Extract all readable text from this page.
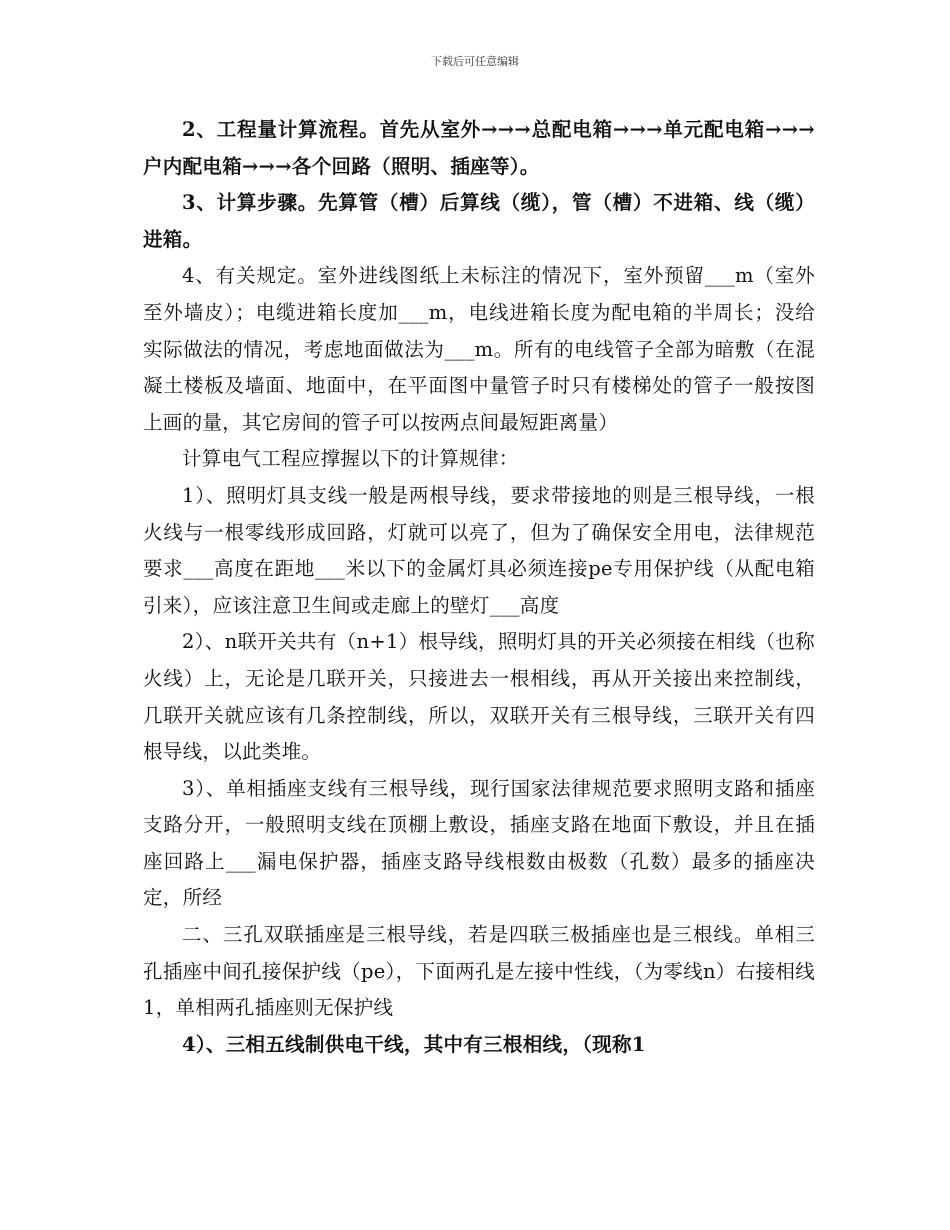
下载后可任意编辑

2、工程量计算流程。首先从室外→→→总配电箱→→→单元配电箱→→→户内配电箱→→→各个回路（照明、插座等）。

3、计算步骤。先算管（槽）后算线（缆），管（槽）不进箱、线（缆）进箱。

4、有关规定。室外进线图纸上未标注的情况下，室外预留___m（室外至外墙皮）；电缆进箱长度加___m，电线进箱长度为配电箱的半周长；没给实际做法的情况，考虑地面做法为___m。所有的电线管子全部为暗敷（在混凝土楼板及墙面、地面中，在平面图中量管子时只有楼梯处的管子一般按图上画的量，其它房间的管子可以按两点间最短距离量）

计算电气工程应撑握以下的计算规律：

1）、照明灯具支线一般是两根导线，要求带接地的则是三根导线，一根火线与一根零线形成回路，灯就可以亮了，但为了确保安全用电，法律规范要求___高度在距地___米以下的金属灯具必须连接pe专用保护线（从配电箱引来），应该注意卫生间或走廊上的壁灯___高度

2）、n联开关共有（n+1）根导线，照明灯具的开关必须接在相线（也称火线）上，无论是几联开关，只接进去一根相线，再从开关接出来控制线，几联开关就应该有几条控制线，所以，双联开关有三根导线，三联开关有四根导线，以此类堆。

3）、单相插座支线有三根导线，现行国家法律规范要求照明支路和插座支路分开，一般照明支线在顶棚上敷设，插座支路在地面下敷设，并且在插座回路上___漏电保护器，插座支路导线根数由极数（孔数）最多的插座决定，所经

二、三孔双联插座是三根导线，若是四联三极插座也是三根线。单相三孔插座中间孔接保护线（pe），下面两孔是左接中性线，（为零线n）右接相线1，单相两孔插座则无保护线

4）、三相五线制供电干线，其中有三根相线，（现称1
